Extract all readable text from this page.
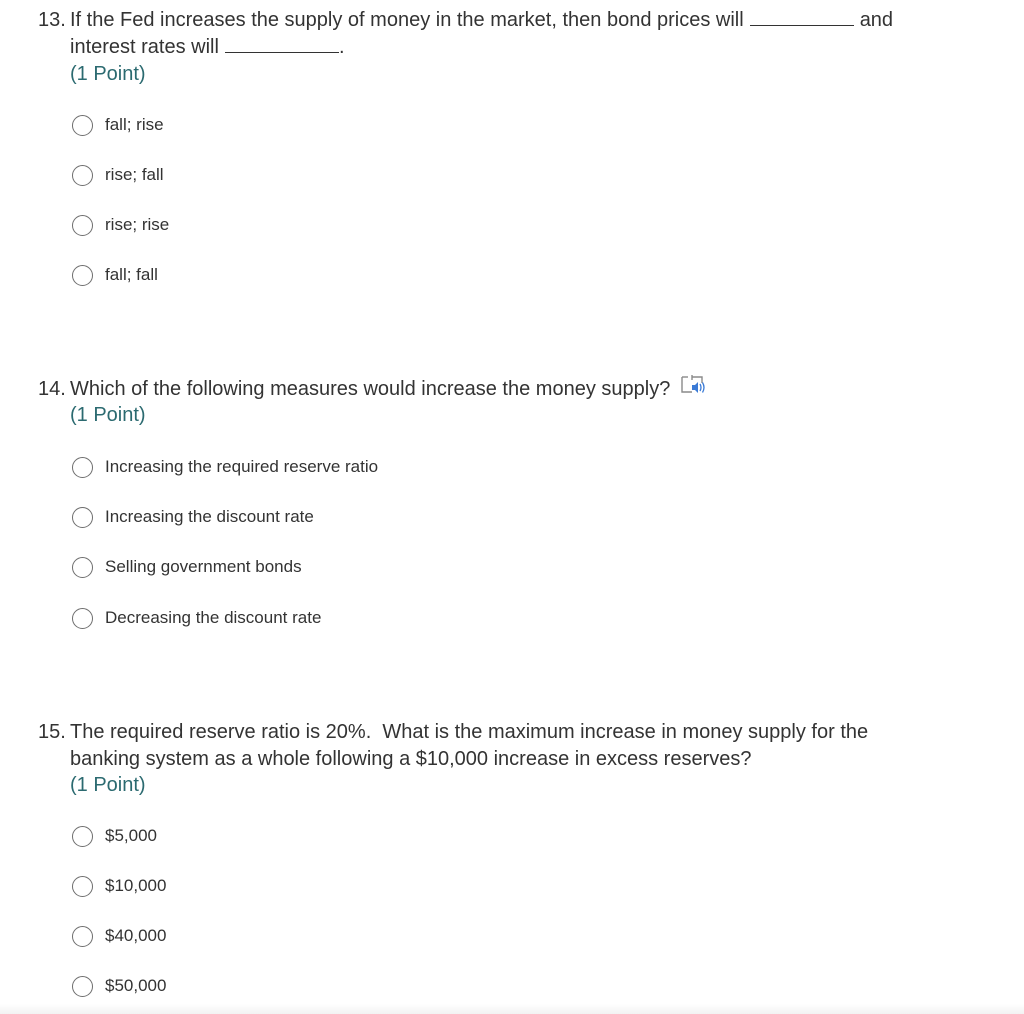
13. If the Fed increases the supply of money in the market, then bond prices will	and
interest rates will	.
(1 Point)
fall; rise
rise; fall
rise; rise
fall; fall
14. Which of the following measures would increase the money supply?
(1 Point)
Increasing the required reserve ratio
Increasing the discount rate
Selling government bonds
Decreasing the discount rate
15. The required reserve ratio is 20%.  What is the maximum increase in money supply for the
banking system as a whole following a $10,000 increase in excess reserves?
(1 Point)
$5,000
$10,000
$40,000
$50,000
